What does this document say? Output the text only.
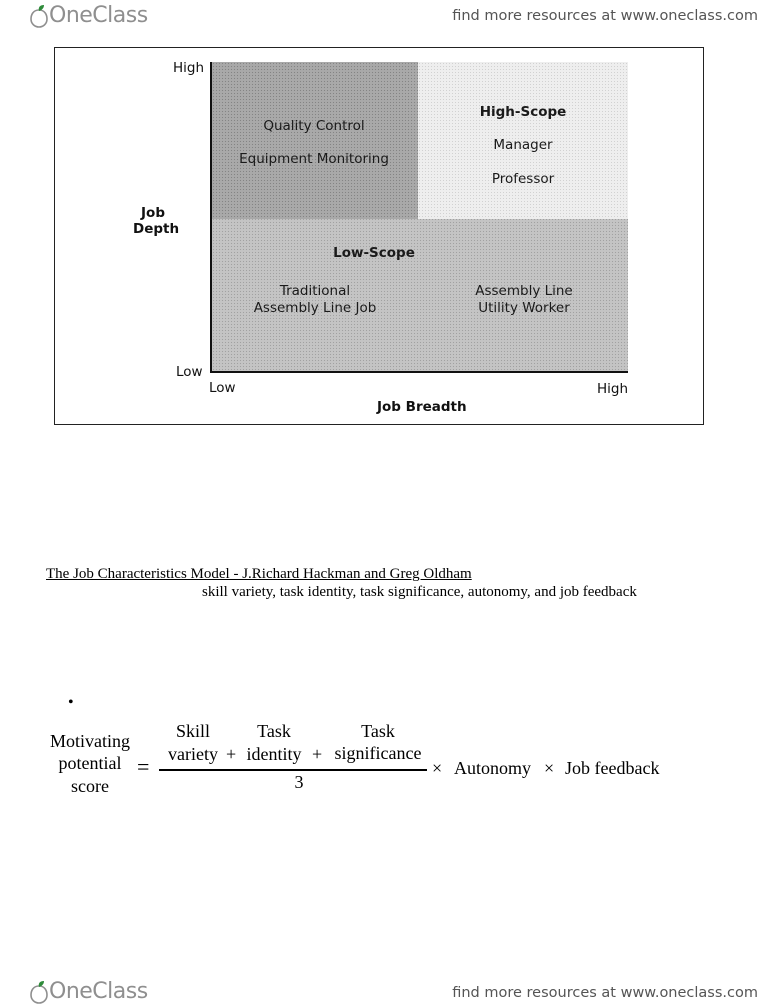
OneClass	find more resources at www.oneclass.com
High
Low
Job
Depth
Quality Control
Equipment Monitoring
High-Scope
Manager
Professor
Low-Scope
Traditional
Assembly Line Job
Assembly Line
Utility Worker
Low	High
Job Breadth
The Job Characteristics Model - J.Richard Hackman and Greg Oldham
skill variety, task identity, task significance, autonomy, and job feedback
•
Motivating
potential
score
=
Skill
variety +
Task
identity +
Task
significance
3
× Autonomy × Job feedback
OneClass	find more resources at www.oneclass.com
